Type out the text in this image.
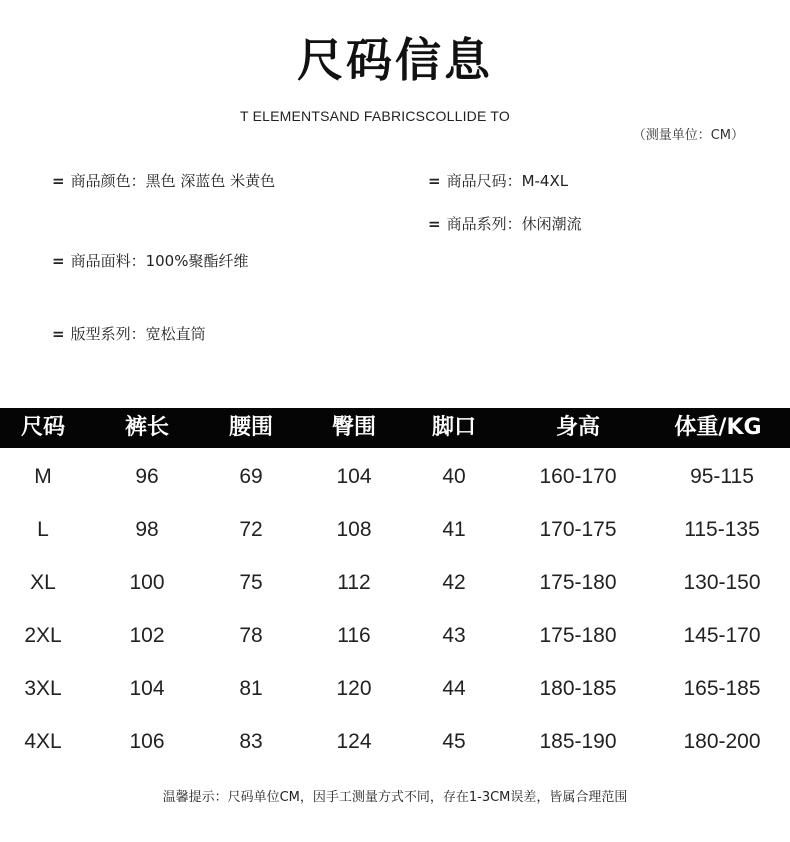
尺码信息
T ELEMENTSAND FABRICSCOLLIDE TO
（测量单位：CM）
= 商品颜色：黑色 深蓝色 米黄色	= 商品尺码：M-4XL
= 商品系列：休闲潮流
= 商品面料：100%聚酯纤维
= 版型系列：宽松直筒
尺码	裤长	腰围	臀围	脚口	身高	体重/KG
M	96	69	104	40	160-170	95-115
L	98	72	108	41	170-175	115-135
XL	100	75	112	42	175-180	130-150
2XL	102	78	116	43	175-180	145-170
3XL	104	81	120	44	180-185	165-185
4XL	106	83	124	45	185-190	180-200
温馨提示：尺码单位CM，因手工测量方式不同，存在1-3CM误差，皆属合理范围
